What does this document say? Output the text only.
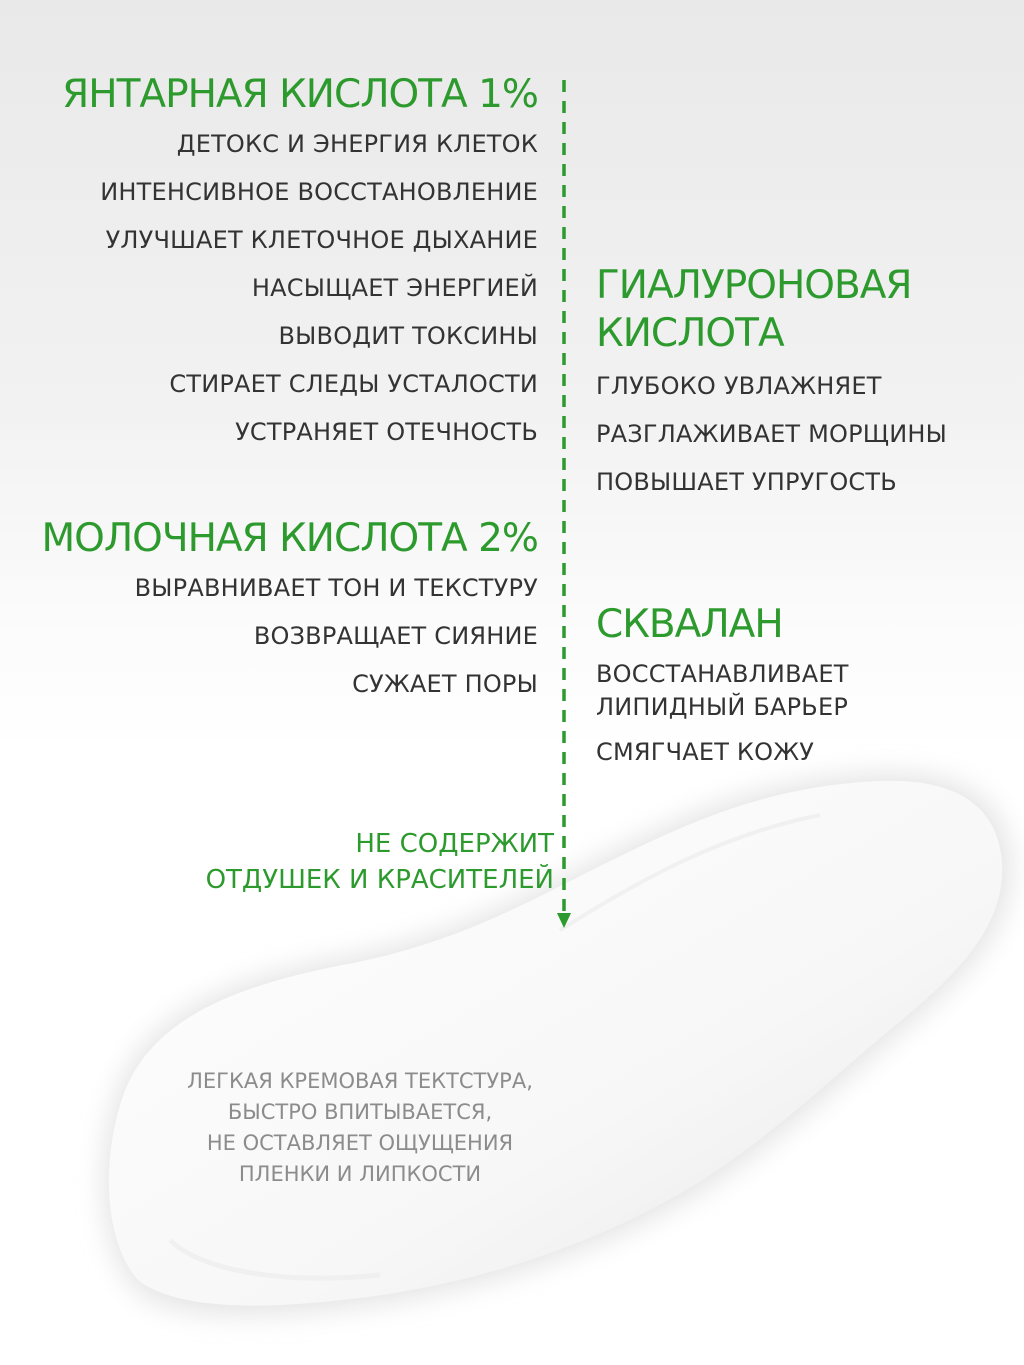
ЯНТАРНАЯ КИСЛОТА 1%

ДЕТОКС И ЭНЕРГИЯ КЛЕТОК

ИНТЕНСИВНОЕ ВОССТАНОВЛЕНИЕ

УЛУЧШАЕТ КЛЕТОЧНОЕ ДЫХАНИЕ

НАСЫЩАЕТ ЭНЕРГИЕЙ

ВЫВОДИТ ТОКСИНЫ

СТИРАЕТ СЛЕДЫ УСТАЛОСТИ

УСТРАНЯЕТ ОТЕЧНОСТЬ

МОЛОЧНАЯ КИСЛОТА 2%

ВЫРАВНИВАЕТ ТОН И ТЕКСТУРУ

ВОЗВРАЩАЕТ СИЯНИЕ

СУЖАЕТ ПОРЫ

ГИАЛУРОНОВАЯ

КИСЛОТА

ГЛУБОКО УВЛАЖНЯЕТ

РАЗГЛАЖИВАЕТ МОРЩИНЫ

ПОВЫШАЕТ УПРУГОСТЬ

СКВАЛАН

ВОССТАНАВЛИВАЕТ

ЛИПИДНЫЙ БАРЬЕР

СМЯГЧАЕТ КОЖУ

НЕ СОДЕРЖИТ
ОТДУШЕК И КРАСИТЕЛЕЙ
ЛЕГКАЯ КРЕМОВАЯ ТЕКТСТУРА,
БЫСТРО ВПИТЫВАЕТСЯ,
НЕ ОСТАВЛЯЕТ ОЩУЩЕНИЯ
ПЛЕНКИ И ЛИПКОСТИ
